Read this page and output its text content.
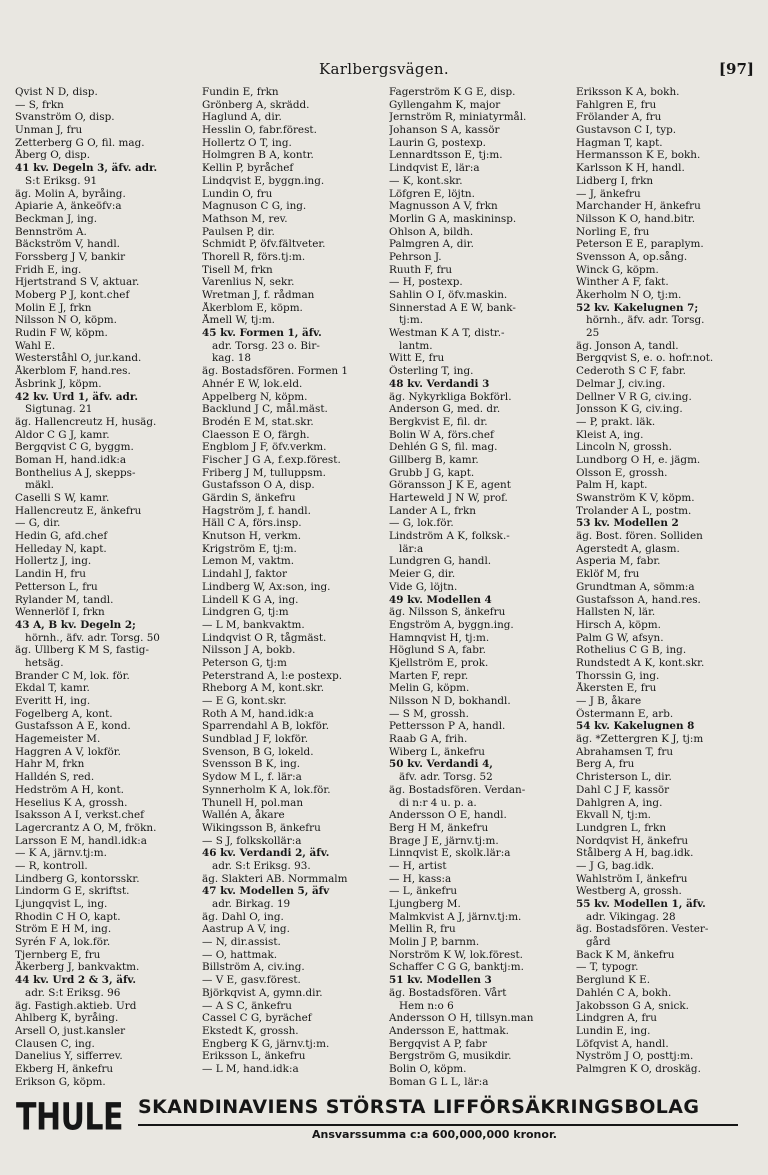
Karlbergsvägen.	[97]
Qvist N D, disp.
— S, frkn
Svanström O, disp.
Unman J, fru
Zetterberg G O, fil. mag.
Åberg O, disp.
41 kv. Degeln 3, äfv. adr.
S:t Eriksg. 91
äg. Molin A, byråing.
Apiarie A, änkeöfv:a
Beckman J, ing.
Bennström A.
Bäckström V, handl.
Forssberg J V, bankir
Fridh E, ing.
Hjertstrand S V, aktuar.
Moberg P J, kont.chef
Molin E J, frkn
Nilsson N O, köpm.
Rudin F W, köpm.
Wahl E.
Westerståhl O, jur.kand.
Åkerblom F, hand.res.
Åsbrink J, köpm.
42 kv. Urd 1, äfv. adr.
Sigtunag. 21
äg. Hallencreutz H, husäg.
Aldor C G J, kamr.
Bergqvist C G, byggm.
Boman H, hand.idk:a
Bonthelius A J, skepps-
mäkl.
Caselli S W, kamr.
Hallencreutz E, änkefru
— G, dir.
Hedin G, afd.chef
Helleday N, kapt.
Hollertz J, ing.
Landin H, fru
Petterson L, fru
Rylander M, tandl.
Wennerlöf I, frkn
43 A, B kv. Degeln 2;
hörnh., äfv. adr. Torsg. 50
äg. Ullberg K M S, fastig-
hetsäg.
Brander C M, lok. för.
Ekdal T, kamr.
Everitt H, ing.
Fogelberg A, kont.
Gustafsson A E, kond.
Hagemeister M.
Haggren A V, lokför.
Hahr M, frkn
Halldén S, red.
Hedström A H, kont.
Heselius K A, grossh.
Isaksson A I, verkst.chef
Lagercrantz A O, M, frökn.
Larsson E M, handl.idk:a
— K A, järnv.tj:m.
— R, kontroll.
Lindberg G, kontorsskr.
Lindorm G E, skriftst.
Ljungqvist L, ing.
Rhodin C H O, kapt.
Ström E H M, ing.
Syrén F A, lok.för.
Tjernberg E, fru
Åkerberg J, bankvaktm.
44 kv. Urd 2 & 3, äfv.
adr. S:t Eriksg. 96
äg. Fastigh.aktieb. Urd
Ahlberg K, byråing.
Arsell O, just.kansler
Clausen C, ing.
Danelius Y, sifferrev.
Ekberg H, änkefru
Erikson G, köpm.
Fundin E, frkn
Grönberg A, skrädd.
Haglund A, dir.
Hesslin O, fabr.förest.
Hollertz O T, ing.
Holmgren B A, kontr.
Kellin P, byråchef
Lindqvist E, byggn.ing.
Lundin O, fru
Magnuson C G, ing.
Mathson M, rev.
Paulsen P, dir.
Schmidt P, öfv.fältveter.
Thorell R, förs.tj:m.
Tisell M, frkn
Varenlius N, sekr.
Wretman J, f. rådman
Åkerblom E, köpm.
Åmell W, tj:m.
45 kv. Formen 1, äfv.
adr. Torsg. 23 o. Bir-
kag. 18
äg. Bostadsfören. Formen 1
Ahnér E W, lok.eld.
Appelberg N, köpm.
Backlund J C, mål.mäst.
Brodén E M, stat.skr.
Claesson E O, färgh.
Engblom J F, öfv.verkm.
Fischer J G A, f.exp.förest.
Friberg J M, tulluppsm.
Gustafsson O A, disp.
Gärdin S, änkefru
Hagström J, f. handl.
Häll C A, förs.insp.
Knutson H, verkm.
Krigström E, tj:m.
Lemon M, vaktm.
Lindahl J, faktor
Lindberg W, Ax:son, ing.
Lindell K G A, ing.
Lindgren G, tj:m
— L M, bankvaktm.
Lindqvist O R, tågmäst.
Nilsson J A, bokb.
Peterson G, tj:m
Peterstrand A, l:e postexp.
Rheborg A M, kont.skr.
— E G, kont.skr.
Roth A M, hand.idk:a
Sparrendahl A B, lokför.
Sundblad J F, lokför.
Svenson, B G, lokeld.
Svensson B K, ing.
Sydow M L, f. lär:a
Synnerholm K A, lok.för.
Thunell H, pol.man
Wallén A, åkare
Wikingsson B, änkefru
— S J, folkskollär:a
46 kv. Verdandi 2, äfv.
adr. S:t Eriksg. 93.
äg. Slakteri AB. Normmalm
47 kv. Modellen 5, äfv
adr. Birkag. 19
äg. Dahl O, ing.
Aastrup A V, ing.
— N, dir.assist.
— O, hattmak.
Billström A, civ.ing.
— V E, gasv.förest.
Björkqvist A, gymn.dir.
— A S C, änkefru
Cassel C G, byrächef
Ekstedt K, grossh.
Engberg K G, järnv.tj:m.
Eriksson L, änkefru
— L M, hand.idk:a
Fagerström K G E, disp.
Gyllengahm K, major
Jernström R, miniatyrmål.
Johanson S A, kassör
Laurin G, postexp.
Lennardtsson E, tj:m.
Lindqvist E, lär:a
— K, kont.skr.
Löfgren E, löjtn.
Magnusson A V, frkn
Morlin G A, maskininsp.
Ohlson A, bildh.
Palmgren A, dir.
Pehrson J.
Ruuth F, fru
— H, postexp.
Sahlin O I, öfv.maskin.
Sinnerstad A E W, bank-
tj:m.
Westman K A T, distr.-
lantm.
Witt E, fru
Österling T, ing.
48 kv. Verdandi 3
äg. Nykyrkliga Bokförl.
Anderson G, med. dr.
Bergkvist E, fil. dr.
Bolin W A, förs.chef
Dehlén G S, fil. mag.
Gillberg B, kamr.
Grubb J G, kapt.
Göransson J K E, agent
Harteweld J N W, prof.
Lander A L, frkn
— G, lok.för.
Lindström A K, folksk.-
lär:a
Lundgren G, handl.
Meier G, dir.
Vide G, löjtn.
49 kv. Modellen 4
äg. Nilsson S, änkefru
Engström A, byggn.ing.
Hamnqvist H, tj:m.
Höglund S A, fabr.
Kjellström E, prok.
Marten F, repr.
Melin G, köpm.
Nilsson N D, bokhandl.
— S M, grossh.
Pettersson P A, handl.
Raab G A, frih.
Wiberg L, änkefru
50 kv. Verdandi 4,
äfv. adr. Torsg. 52
äg. Bostadsfören. Verdan-
di n:r 4 u. p. a.
Andersson O E, handl.
Berg H M, änkefru
Brage J E, järnv.tj:m.
Linnqvist E, skolk.lär:a
— H, artist
— H, kass:a
— L, änkefru
Ljungberg M.
Malmkvist A J, järnv.tj:m.
Mellin R, fru
Molin J P, barnm.
Norström K W, lok.förest.
Schaffer C G G, banktj:m.
51 kv. Modellen 3
äg. Bostadsfören. Vårt
Hem n:o 6
Andersson O H, tillsyn.man
Andersson E, hattmak.
Bergqvist A P, fabr
Bergström G, musikdir.
Bolin O, köpm.
Boman G L L, lär:a
Eriksson K A, bokh.
Fahlgren E, fru
Frölander A, fru
Gustavson C I, typ.
Hagman T, kapt.
Hermansson K E, bokh.
Karlsson K H, handl.
Lidberg I, frkn
— J, änkefru
Marchander H, änkefru
Nilsson K O, hand.bitr.
Norling E, fru
Peterson E E, paraplym.
Svensson A, op.sång.
Winck G, köpm.
Winther A F, fakt.
Åkerholm N O, tj:m.
52 kv. Kakelugnen 7;
hörnh., äfv. adr. Torsg.
25
äg. Jonson A, tandl.
Bergqvist S, e. o. hofr.not.
Cederoth S C F, fabr.
Delmar J, civ.ing.
Dellner V R G, civ.ing.
Jonsson K G, civ.ing.
— P, prakt. läk.
Kleist A, ing.
Lincoln N, grossh.
Lundborg O H, e. jägm.
Olsson E, grossh.
Palm H, kapt.
Swanström K V, köpm.
Trolander A L, postm.
53 kv. Modellen 2
äg. Bost. fören. Solliden
Agerstedt A, glasm.
Asperia M, fabr.
Eklöf M, fru
Grundtman A, sömm:a
Gustafsson A, hand.res.
Hallsten N, lär.
Hirsch A, köpm.
Palm G W, afsyn.
Rothelius C G B, ing.
Rundstedt A K, kont.skr.
Thorssin G, ing.
Åkersten E, fru
— J B, åkare
Östermann E, arb.
54 kv. Kakelugnen 8
äg. *Zettergren K J, tj:m
Abrahamsen T, fru
Berg A, fru
Christerson L, dir.
Dahl C J F, kassör
Dahlgren A, ing.
Ekvall N, tj:m.
Lundgren L, frkn
Nordqvist H, änkefru
Stålberg A H, bag.idk.
— J G, bag.idk.
Wahlström I, änkefru
Westberg A, grossh.
55 kv. Modellen 1, äfv.
adr. Vikingag. 28
äg. Bostadsfören. Vester-
gård
Back K M, änkefru
— T, typogr.
Berglund K E.
Dahlén C A, bokh.
Jakobsson G A, snick.
Lindgren A, fru
Lundin E, ing.
Löfqvist A, handl.
Nyström J O, posttj:m.
Palmgren K O, droskäg.
THULE SKANDINAVIENS STÖRSTA LIFFÖRSÄKRINGSBOLAG
Ansvarssumma c:a 600,000,000 kronor.
